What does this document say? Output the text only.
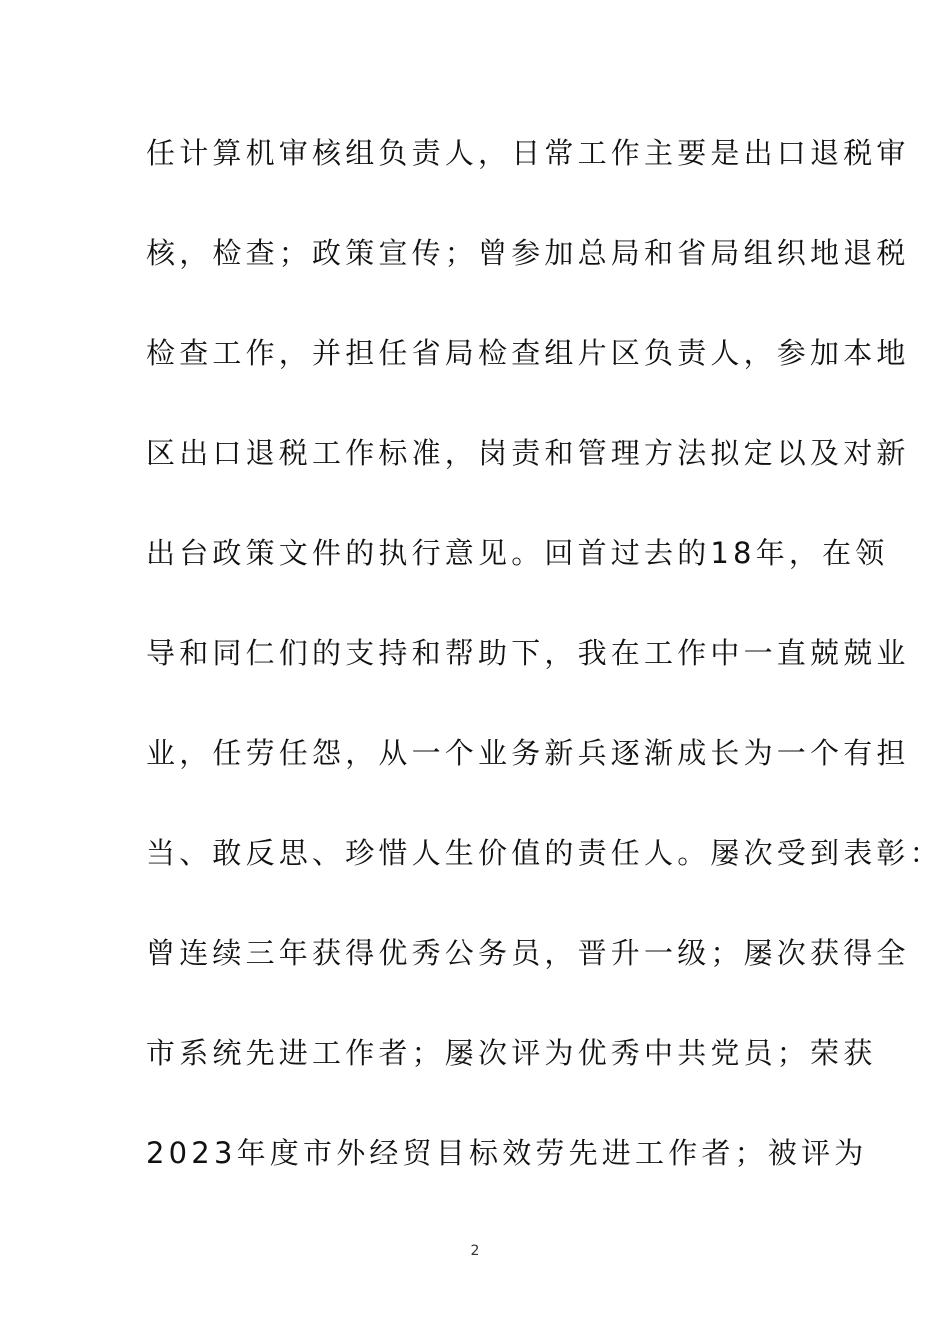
任计算机审核组负责人，日常工作主要是出口退税审
核，检查；政策宣传；曾参加总局和省局组织地退税
检查工作，并担任省局检查组片区负责人，参加本地
区出口退税工作标准，岗责和管理方法拟定以及对新
出台政策文件的执行意见。回首过去的18年，在领
导和同仁们的支持和帮助下，我在工作中一直兢兢业
业，任劳任怨，从一个业务新兵逐渐成长为一个有担
当、敢反思、珍惜人生价值的责任人。屡次受到表彰：
曾连续三年获得优秀公务员，晋升一级；屡次获得全
市系统先进工作者；屡次评为优秀中共党员；荣获
2023年度市外经贸目标效劳先进工作者；被评为
2
